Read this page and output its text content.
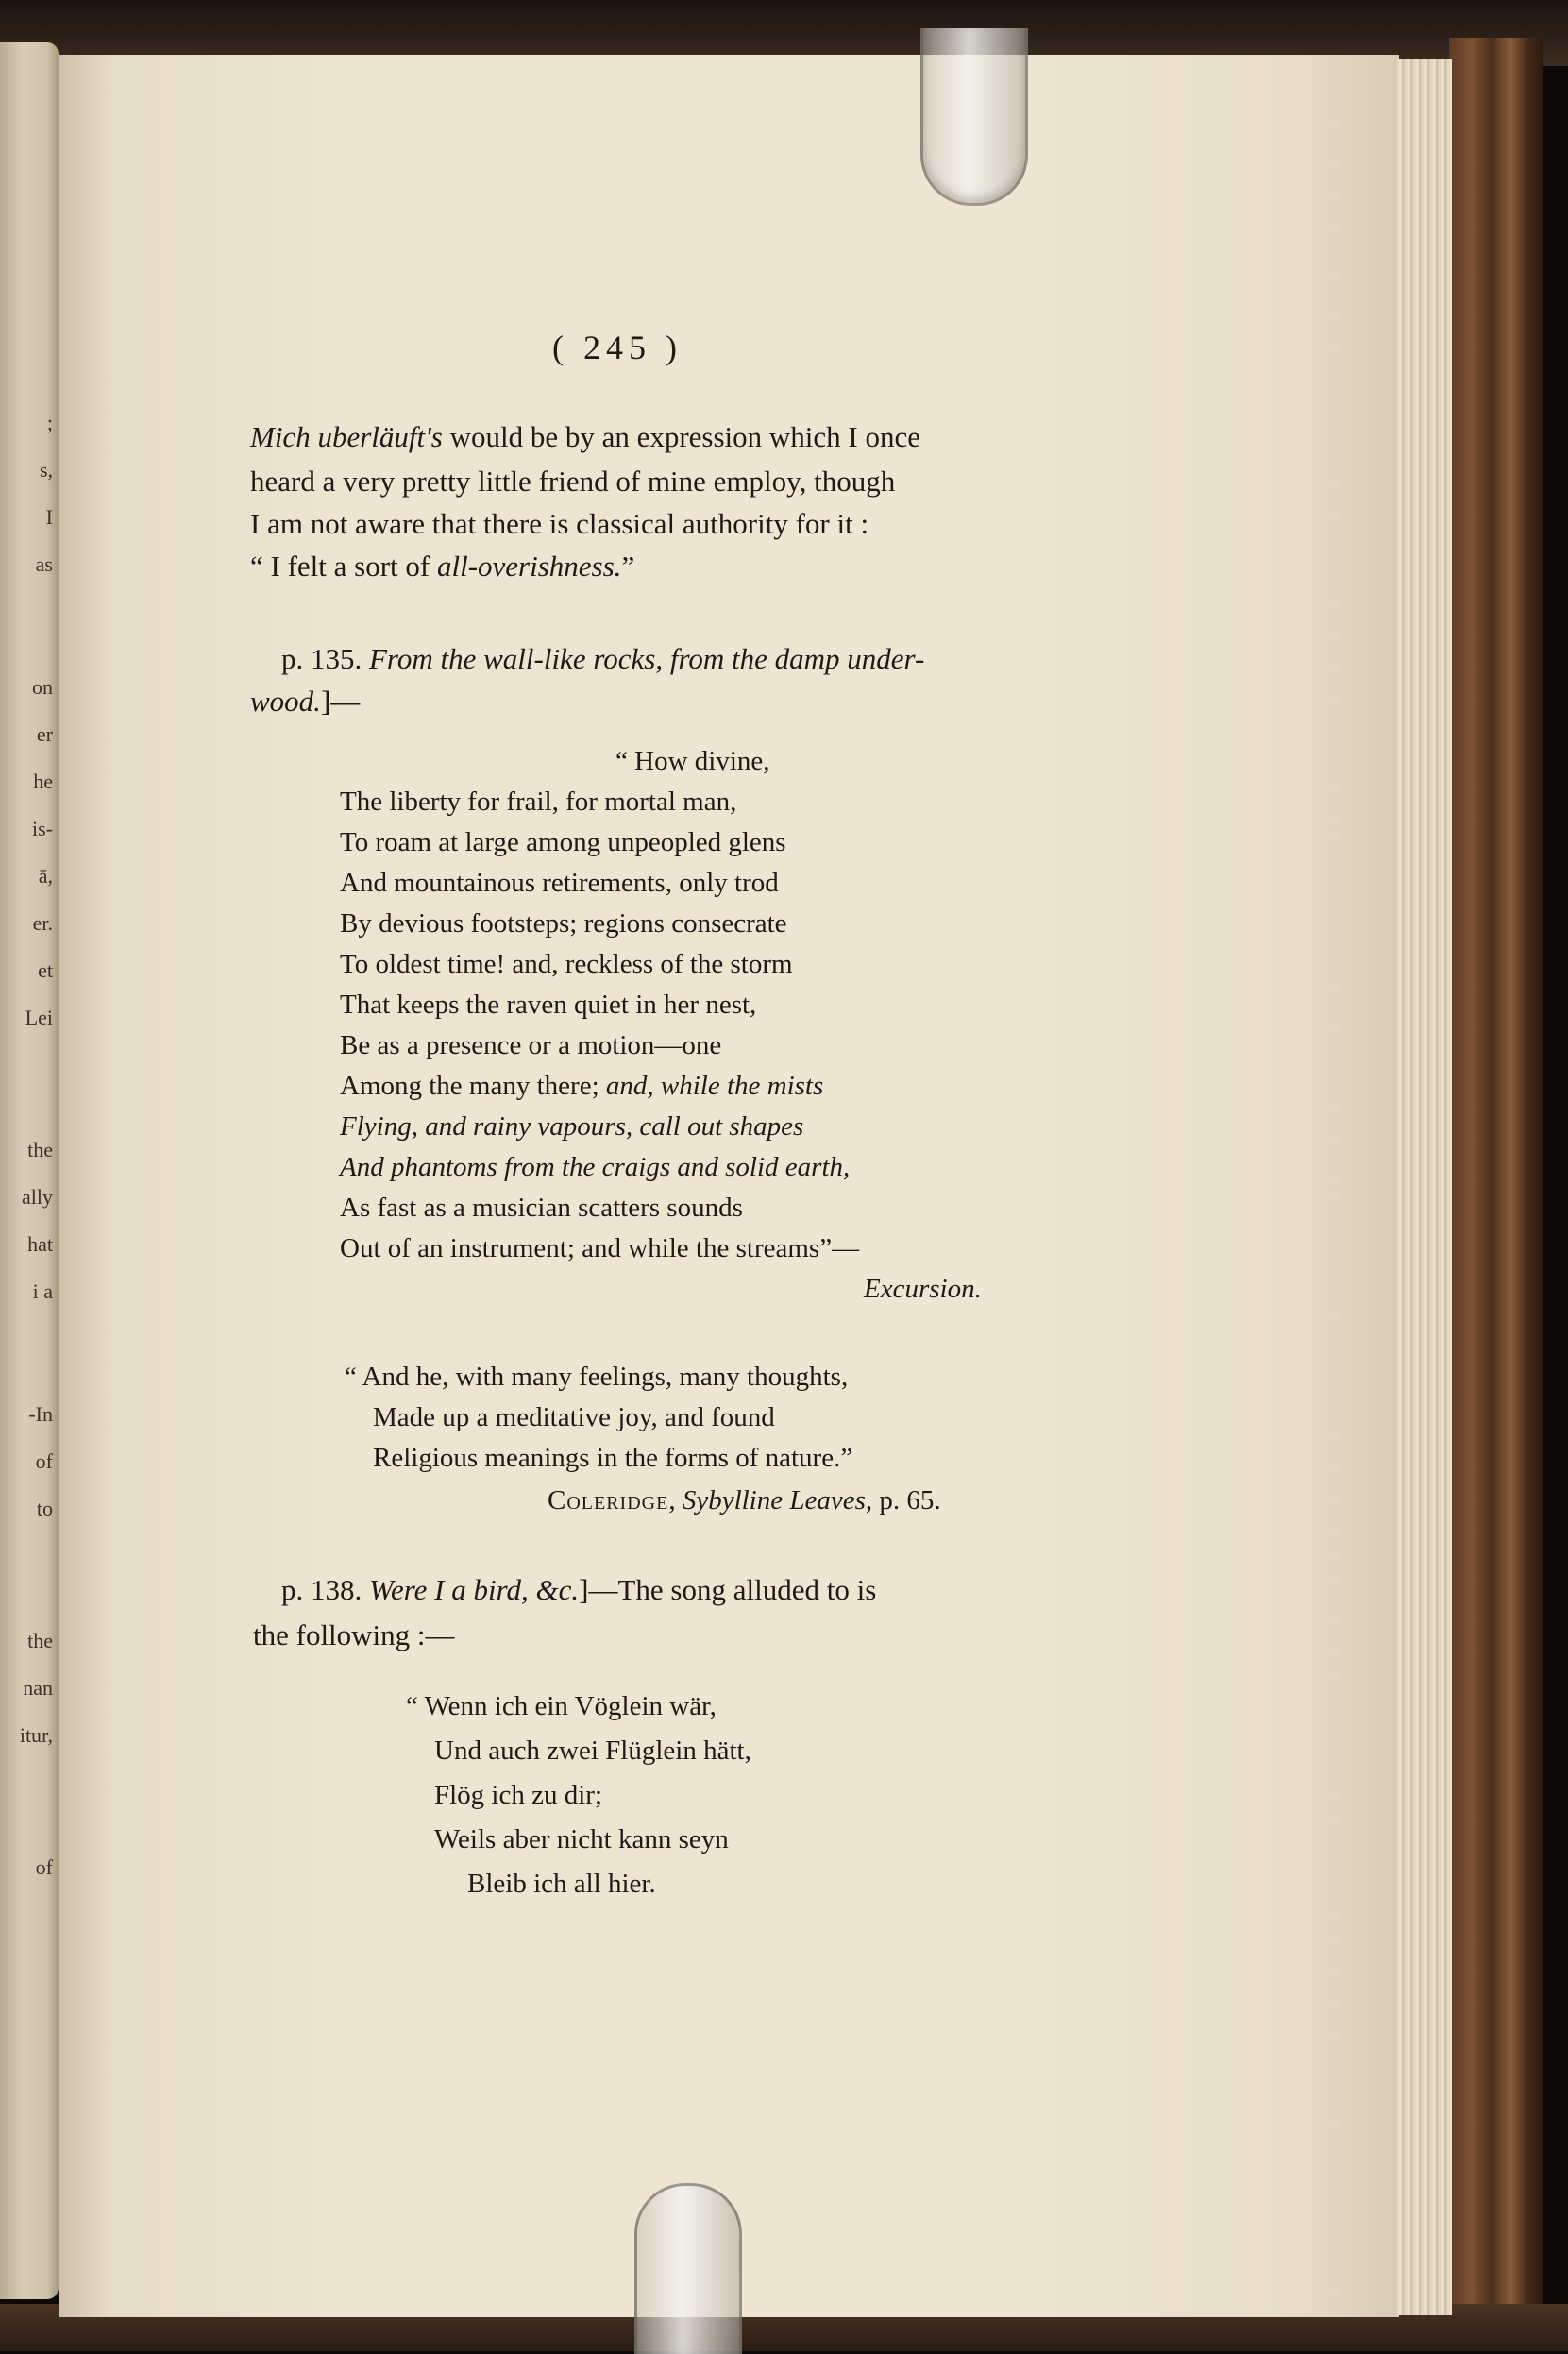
;
s,
I
as
on
er
he
is-
ā,
er.
et
Lei
the
ally
hat
i a
-In
of
to
the
nan
itur,
of
( 245 )
Mich uberläuft's would be by an expression which I once
heard a very pretty little friend of mine employ, though
I am not aware that there is classical authority for it :
“ I felt a sort of all-overishness.”
p. 135. From the wall-like rocks, from the damp under-
wood.]—
“ How divine,
The liberty for frail, for mortal man,
To roam at large among unpeopled glens
And mountainous retirements, only trod
By devious footsteps; regions consecrate
To oldest time! and, reckless of the storm
That keeps the raven quiet in her nest,
Be as a presence or a motion—one
Among the many there; and, while the mists
Flying, and rainy vapours, call out shapes
And phantoms from the craigs and solid earth,
As fast as a musician scatters sounds
Out of an instrument; and while the streams”—
Excursion.
“ And he, with many feelings, many thoughts,
Made up a meditative joy, and found
Religious meanings in the forms of nature.”
Coleridge, Sybylline Leaves, p. 65.
p. 138. Were I a bird, &c.]—The song alluded to is
the following :—
“ Wenn ich ein Vöglein wär,
Und auch zwei Flüglein hätt,
Flög ich zu dir;
Weils aber nicht kann seyn
Bleib ich all hier.
